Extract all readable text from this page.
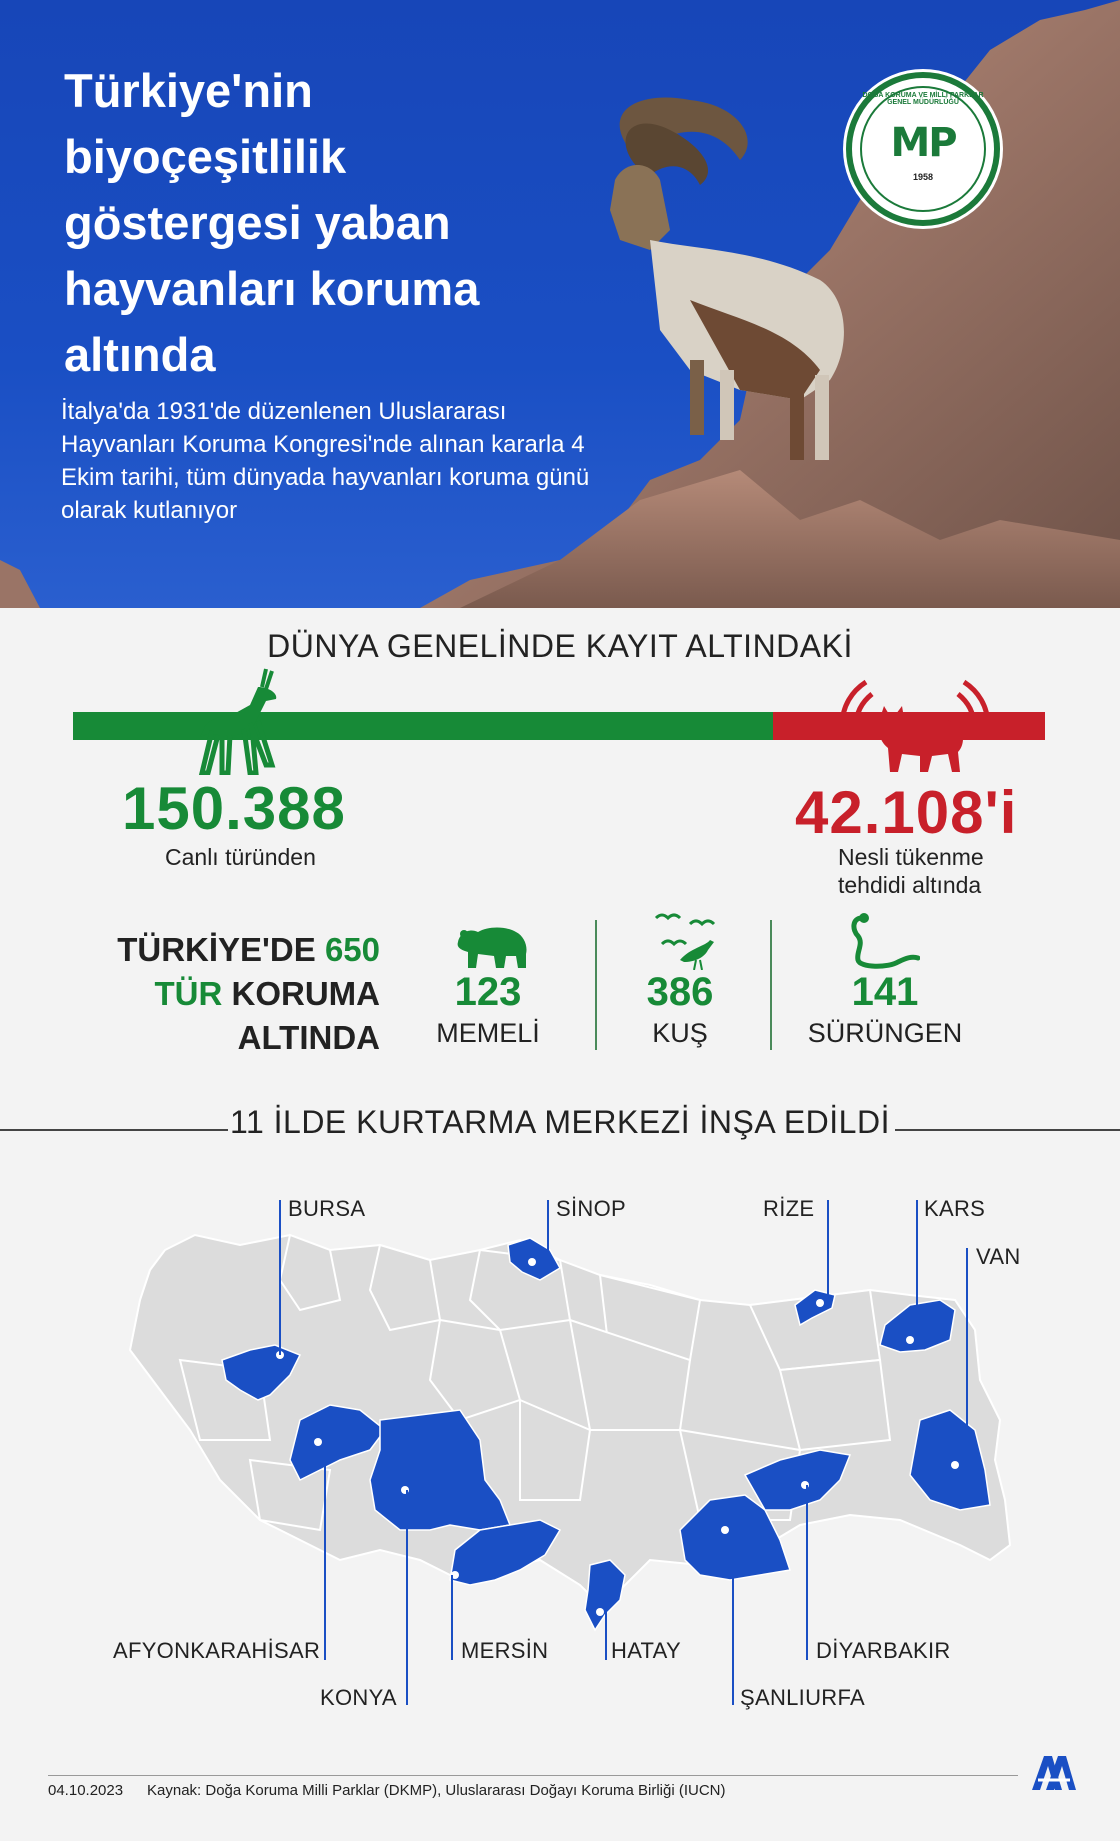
Türkiye'nin biyoçeşitlilik göstergesi yaban hayvanları koruma altında
İtalya'da 1931'de düzenlenen Uluslararası Hayvanları Koruma Kongresi'nde alınan kararla 4 Ekim tarihi, tüm dünyada hayvanları koruma günü olarak kutlanıyor
DOĞA KORUMA VE MİLLİ PARKLAR GENEL MÜDÜRLÜĞÜ
MP
1958
DÜNYA GENELİNDE KAYIT ALTINDAKİ
150.388
Canlı türünden
42.108'i
Nesli tükenme
tehdidi altında
TÜRKİYE'DE 650
TÜR KORUMA
ALTINDA
123
MEMELİ
386
KUŞ
141
SÜRÜNGEN
11 İLDE KURTARMA MERKEZİ İNŞA EDİLDİ
BURSA	SİNOP	RİZE	KARS
VAN
AFYONKARAHİSAR
KONYA
MERSİN	HATAY	DİYARBAKIR
ŞANLIURFA
04.10.2023 Kaynak: Doğa Koruma Milli Parklar (DKMP), Uluslararası Doğayı Koruma Birliği (IUCN)
